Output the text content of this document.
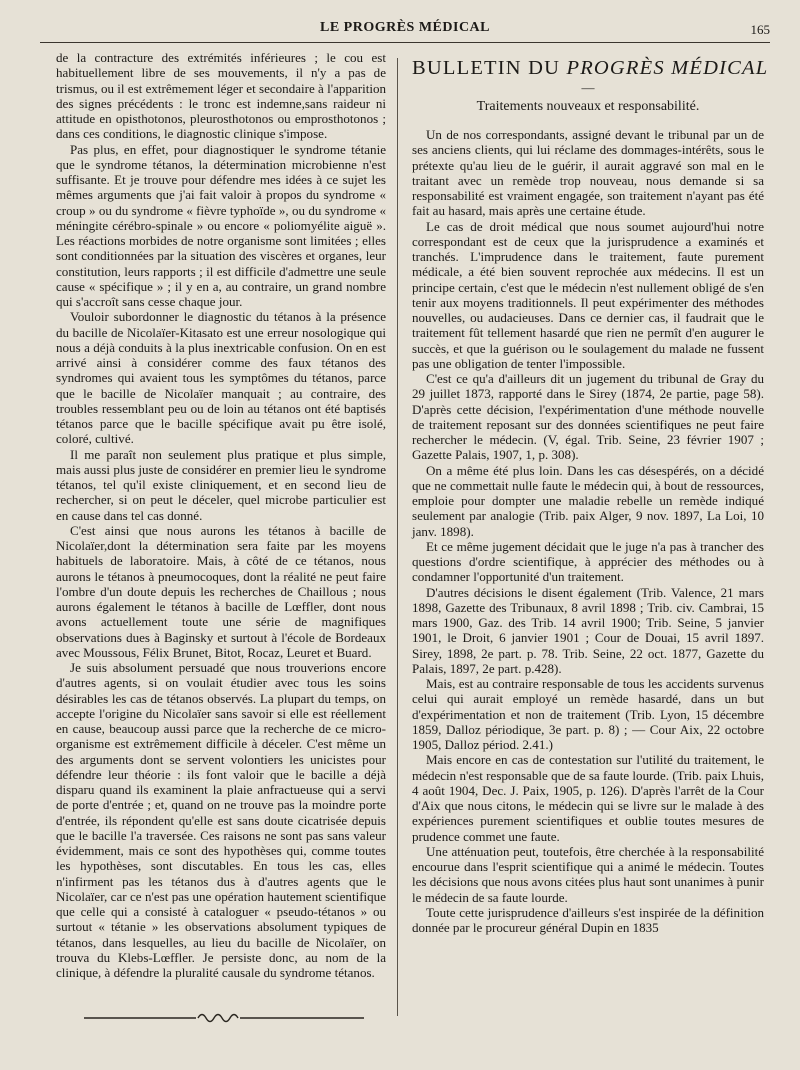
LE PROGRÈS MÉDICAL	165

de la contracture des extrémités inférieures ; le cou est habituellement libre de ses mouvements, il n'y a pas de trismus, ou il est extrêmement léger et secondaire à l'apparition des signes précédents : le tronc est indemne,sans raideur ni attitude en opisthotonos, pleurosthotonos ou emprosthotonos ; dans ces conditions, le diagnostic clinique s'impose.

Pas plus, en effet, pour diagnostiquer le syndrome tétanie que le syndrome tétanos, la détermination microbienne n'est suffisante. Et je trouve pour défendre mes idées à ce sujet les mêmes arguments que j'ai fait valoir à propos du syndrome « croup » ou du syndrome « fièvre typhoïde », ou du syndrome « méningite cérébro-spinale » ou encore « poliomyélite aiguë ». Les réactions morbides de notre organisme sont limitées ; elles sont conditionnées par la situation des viscères et organes, leur constitution, leurs rapports ; il est difficile d'admettre une seule cause « spécifique » ; il y en a, au contraire, un grand nombre qui s'accroît sans cesse chaque jour.

Vouloir subordonner le diagnostic du tétanos à la présence du bacille de Nicolaïer-Kitasato est une erreur nosologique qui nous a déjà conduits à la plus inextricable confusion. On en est arrivé ainsi à considérer comme des faux tétanos des syndromes qui avaient tous les symptômes du tétanos, parce que le bacille de Nicolaïer manquait ; au contraire, des troubles ressemblant peu ou de loin au tétanos ont été baptisés tétanos parce que le bacille spécifique avait pu être isolé, coloré, cultivé.

Il me paraît non seulement plus pratique et plus simple, mais aussi plus juste de considérer en premier lieu le syndrome tétanos, tel qu'il existe cliniquement, et en second lieu de rechercher, si on peut le déceler, quel microbe particulier est en cause dans tel cas donné.

C'est ainsi que nous aurons les tétanos à bacille de Nicolaïer,dont la détermination sera faite par les moyens habituels de laboratoire. Mais, à côté de ce tétanos, nous aurons le tétanos à pneumocoques, dont la réalité ne peut faire l'ombre d'un doute depuis les recherches de Chaillous ; nous aurons également le tétanos à bacille de Lœffler, dont nous avons actuellement toute une série de magnifiques observations dues à Baginsky et surtout à l'école de Bordeaux avec Moussous, Félix Brunet, Bitot, Rocaz, Leuret et Buard.

Je suis absolument persuadé que nous trouverions encore d'autres agents, si on voulait étudier avec tous les soins désirables les cas de tétanos observés. La plupart du temps, on accepte l'origine du Nicolaïer sans savoir si elle est réellement en cause, beaucoup aussi parce que la recherche de ce micro-organisme est extrêmement difficile à déceler. C'est même un des arguments dont se servent volontiers les unicistes pour défendre leur théorie : ils font valoir que le bacille a déjà disparu quand ils examinent la plaie anfractueuse qui a servi de porte d'entrée ; et, quand on ne trouve pas la moindre porte d'entrée, ils répondent qu'elle est sans doute cicatrisée depuis que le bacille l'a traversée. Ces raisons ne sont pas sans valeur évidemment, mais ce sont des hypothèses qui, comme toutes les hypothèses, sont discutables. En tous les cas, elles n'infirment pas les tétanos dus à d'autres agents que le Nicolaïer, car ce n'est pas une opération hautement scientifique que celle qui a consisté à cataloguer « pseudo-tétanos » ou surtout « tétanie » les observations absolument typiques de tétanos, dans lesquelles, au lieu du bacille de Nicolaïer, on trouva du Klebs-Lœffler. Je persiste donc, au nom de la clinique, à défendre la pluralité causale du syndrome tétanos.

BULLETIN DU PROGRÈS MÉDICAL
—
Traitements nouveaux et responsabilité.

Un de nos correspondants, assigné devant le tribunal par un de ses anciens clients, qui lui réclame des dommages-intérêts, sous le prétexte qu'au lieu de le guérir, il aurait aggravé son mal en le traitant avec un remède trop nouveau, nous demande si sa responsabilité est vraiment engagée, son traitement n'ayant pas été fait au hasard, mais après une certaine étude.

Le cas de droit médical que nous soumet aujourd'hui notre correspondant est de ceux que la jurisprudence a examinés et tranchés. L'imprudence dans le traitement, faute purement médicale, a été bien souvent reprochée aux médecins. Il est un principe certain, c'est que le médecin n'est nullement obligé de s'en tenir aux moyens traditionnels. Il peut expérimenter des méthodes nouvelles, ou audacieuses. Dans ce dernier cas, il faudrait que le traitement fût tellement hasardé que rien ne permît d'en augurer le succès, et que la guérison ou le soulagement du malade ne fussent pas une obligation de tenter l'impossible.

C'est ce qu'a d'ailleurs dit un jugement du tribunal de Gray du 29 juillet 1873, rapporté dans le Sirey (1874, 2e partie, page 58). D'après cette décision, l'expérimentation d'une méthode nouvelle de traitement reposant sur des données scientifiques ne peut faire rechercher le médecin. (V, égal. Trib. Seine, 23 février 1907 ; Gazette Palais, 1907, 1, p. 308).

On a même été plus loin. Dans les cas désespérés, on a décidé que ne commettait nulle faute le médecin qui, à bout de ressources, emploie pour dompter une maladie rebelle un remède indiqué seulement par analogie (Trib. paix Alger, 9 nov. 1897, La Loi, 10 janv. 1898).

Et ce même jugement décidait que le juge n'a pas à trancher des questions d'ordre scientifique, à apprécier des méthodes ou à condamner l'opportunité d'un traitement.

D'autres décisions le disent également (Trib. Valence, 21 mars 1898, Gazette des Tribunaux, 8 avril 1898 ; Trib. civ. Cambrai, 15 mars 1900, Gaz. des Trib. 14 avril 1900; Trib. Seine, 5 janvier 1901, le Droit, 6 janvier 1901 ; Cour de Douai, 15 avril 1897. Sirey, 1898, 2e part. p. 78. Trib. Seine, 22 oct. 1877, Gazette du Palais, 1897, 2e part. p.428).

Mais, est au contraire responsable de tous les accidents survenus celui qui aurait employé un remède hasardé, dans un but d'expérimentation et non de traitement (Trib. Lyon, 15 décembre 1859, Dalloz périodique, 3e part. p. 8) ; — Cour Aix, 22 octobre 1905, Dalloz périod. 2.41.)

Mais encore en cas de contestation sur l'utilité du traitement, le médecin n'est responsable que de sa faute lourde. (Trib. paix Lhuis, 4 août 1904, Dec. J. Paix, 1905, p. 126). D'après l'arrêt de la Cour d'Aix que nous citons, le médecin qui se livre sur le malade à des expériences purement scientifiques et oublie toutes mesures de prudence commet une faute.

Une atténuation peut, toutefois, être cherchée à la responsabilité encourue dans l'esprit scientifique qui a animé le médecin. Toutes les décisions que nous avons citées plus haut sont unanimes à punir le médecin de sa faute lourde.

Toute cette jurisprudence d'ailleurs s'est inspirée de la définition donnée par le procureur général Dupin en 1835
